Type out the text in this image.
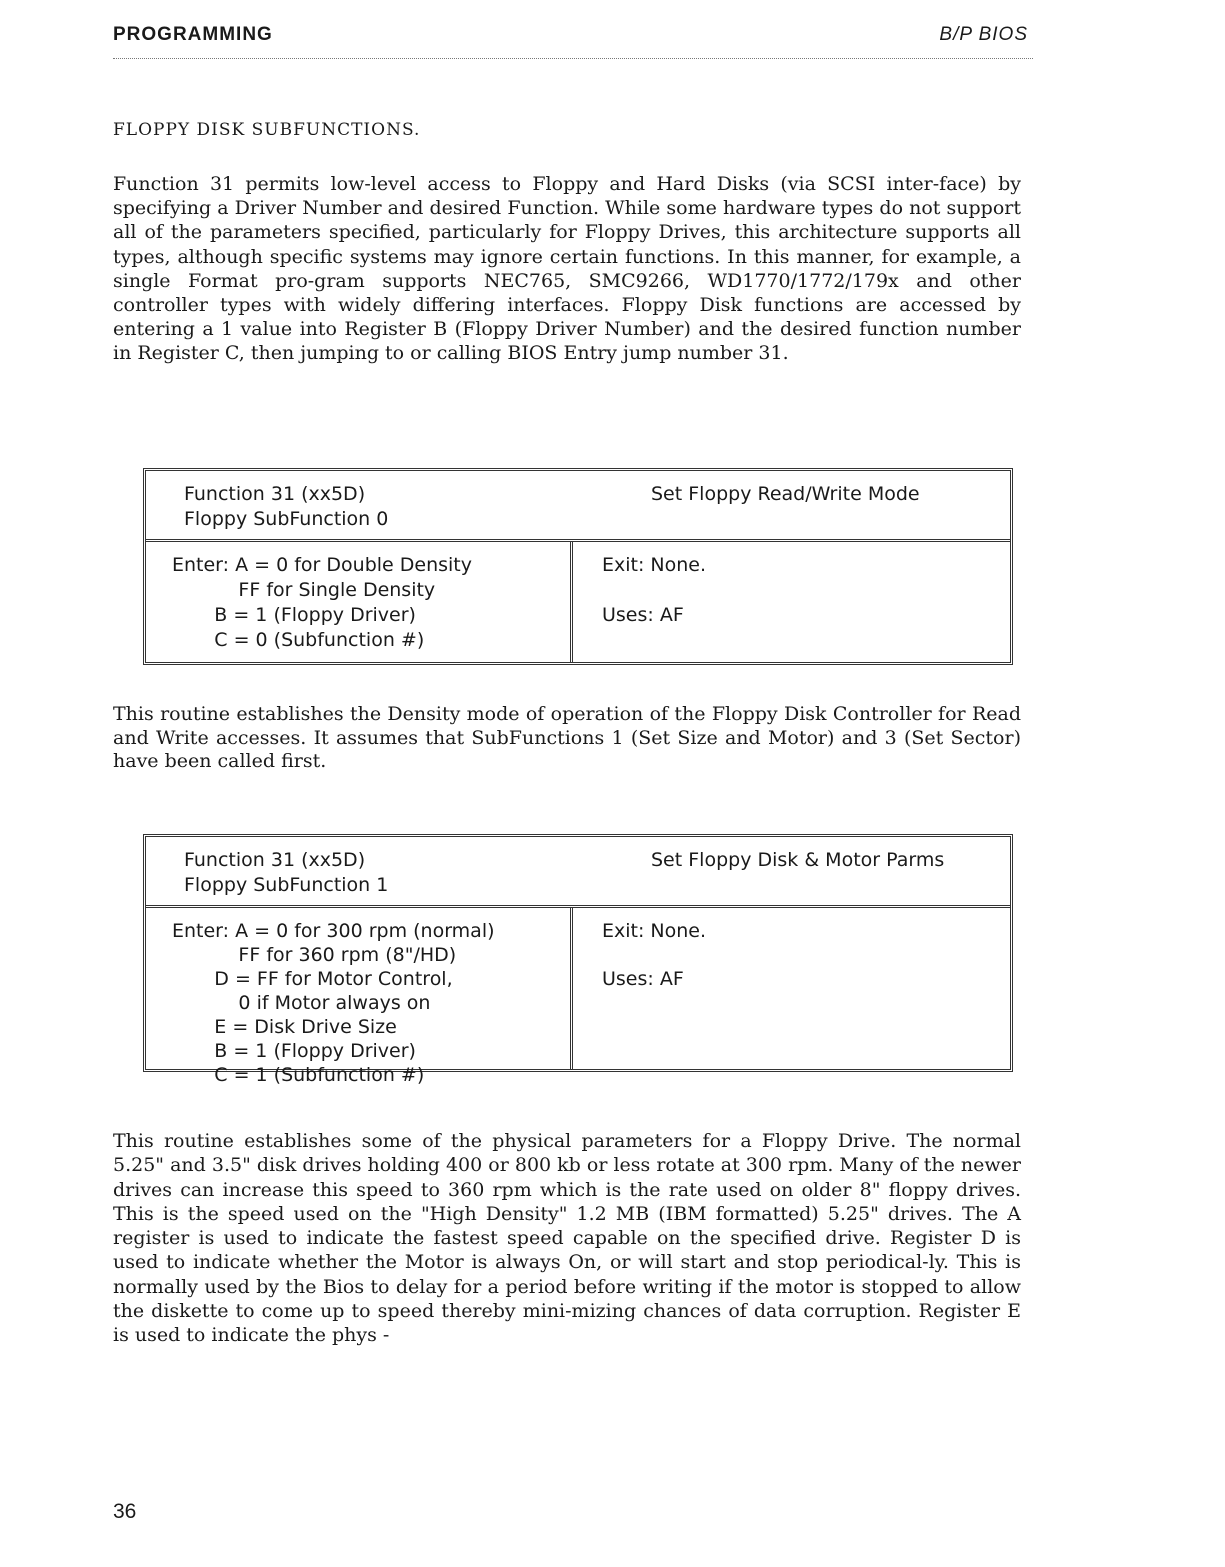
PROGRAMMING	B/P BIOS
FLOPPY DISK SUBFUNCTIONS.

Function 31 permits low-level access to Floppy and Hard Disks (via SCSI inter-face) by specifying a Driver Number and desired Function. While some hardware types do not support all of the parameters specified, particularly for Floppy Drives, this architecture supports all types, although specific systems may ignore certain functions. In this manner, for example, a single Format pro-gram supports NEC765, SMC9266, WD1770/1772/179x and other controller types with widely differing interfaces. Floppy Disk functions are accessed by entering a 1 value into Register B (Floppy Driver Number) and the desired function number in Register C, then jumping to or calling BIOS Entry jump number 31.

Function 31 (xx5D)
Floppy SubFunction 0
Set Floppy Read/Write Mode
Enter: A = 0 for Double Density
FF for Single Density
B = 1 (Floppy Driver)
C = 0 (Subfunction #)
Exit: None.
Uses: AF

This routine establishes the Density mode of operation of the Floppy Disk Controller for Read and Write accesses. It assumes that SubFunctions 1 (Set Size and Motor) and 3 (Set Sector) have been called first.

Function 31 (xx5D)
Floppy SubFunction 1
Set Floppy Disk & Motor Parms
Enter: A = 0 for 300 rpm (normal)
FF for 360 rpm (8"/HD)
D = FF for Motor Control,
0 if Motor always on
E = Disk Drive Size
B = 1 (Floppy Driver)
C = 1 (Subfunction #)
Exit: None.
Uses: AF

This routine establishes some of the physical parameters for a Floppy Drive. The normal 5.25" and 3.5" disk drives holding 400 or 800 kb or less rotate at 300 rpm. Many of the newer drives can increase this speed to 360 rpm which is the rate used on older 8" floppy drives. This is the speed used on the "High Density" 1.2 MB (IBM formatted) 5.25" drives. The A register is used to indicate the fastest speed capable on the specified drive. Register D is used to indicate whether the Motor is always On, or will start and stop periodical-ly. This is normally used by the Bios to delay for a period before writing if the motor is stopped to allow the diskette to come up to speed thereby mini-mizing chances of data corruption. Register E is used to indicate the phys -

36
